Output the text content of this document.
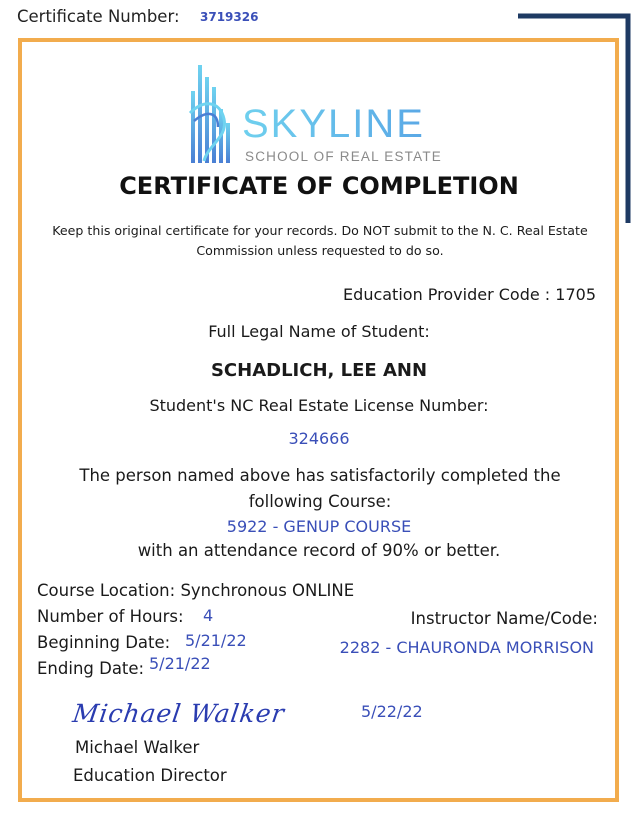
Certificate Number: 3719326
SKYLINE
SCHOOL OF REAL ESTATE
CERTIFICATE OF COMPLETION
Keep this original certificate for your records. Do NOT submit to the N. C. Real Estate Commission unless requested to do so.
Education Provider Code : 1705
Full Legal Name of Student:
SCHADLICH, LEE ANN
Student's NC Real Estate License Number:
324666
The person named above has satisfactorily completed the following Course:
5922 - GENUP COURSE
with an attendance record of 90% or better.
Course Location: Synchronous ONLINE
Number of Hours: 4
Beginning Date: 5/21/22
Ending Date: 5/21/22
Instructor Name/Code:
2282 - CHAURONDA MORRISON
Michael Walker	5/22/22
Michael Walker
Education Director
